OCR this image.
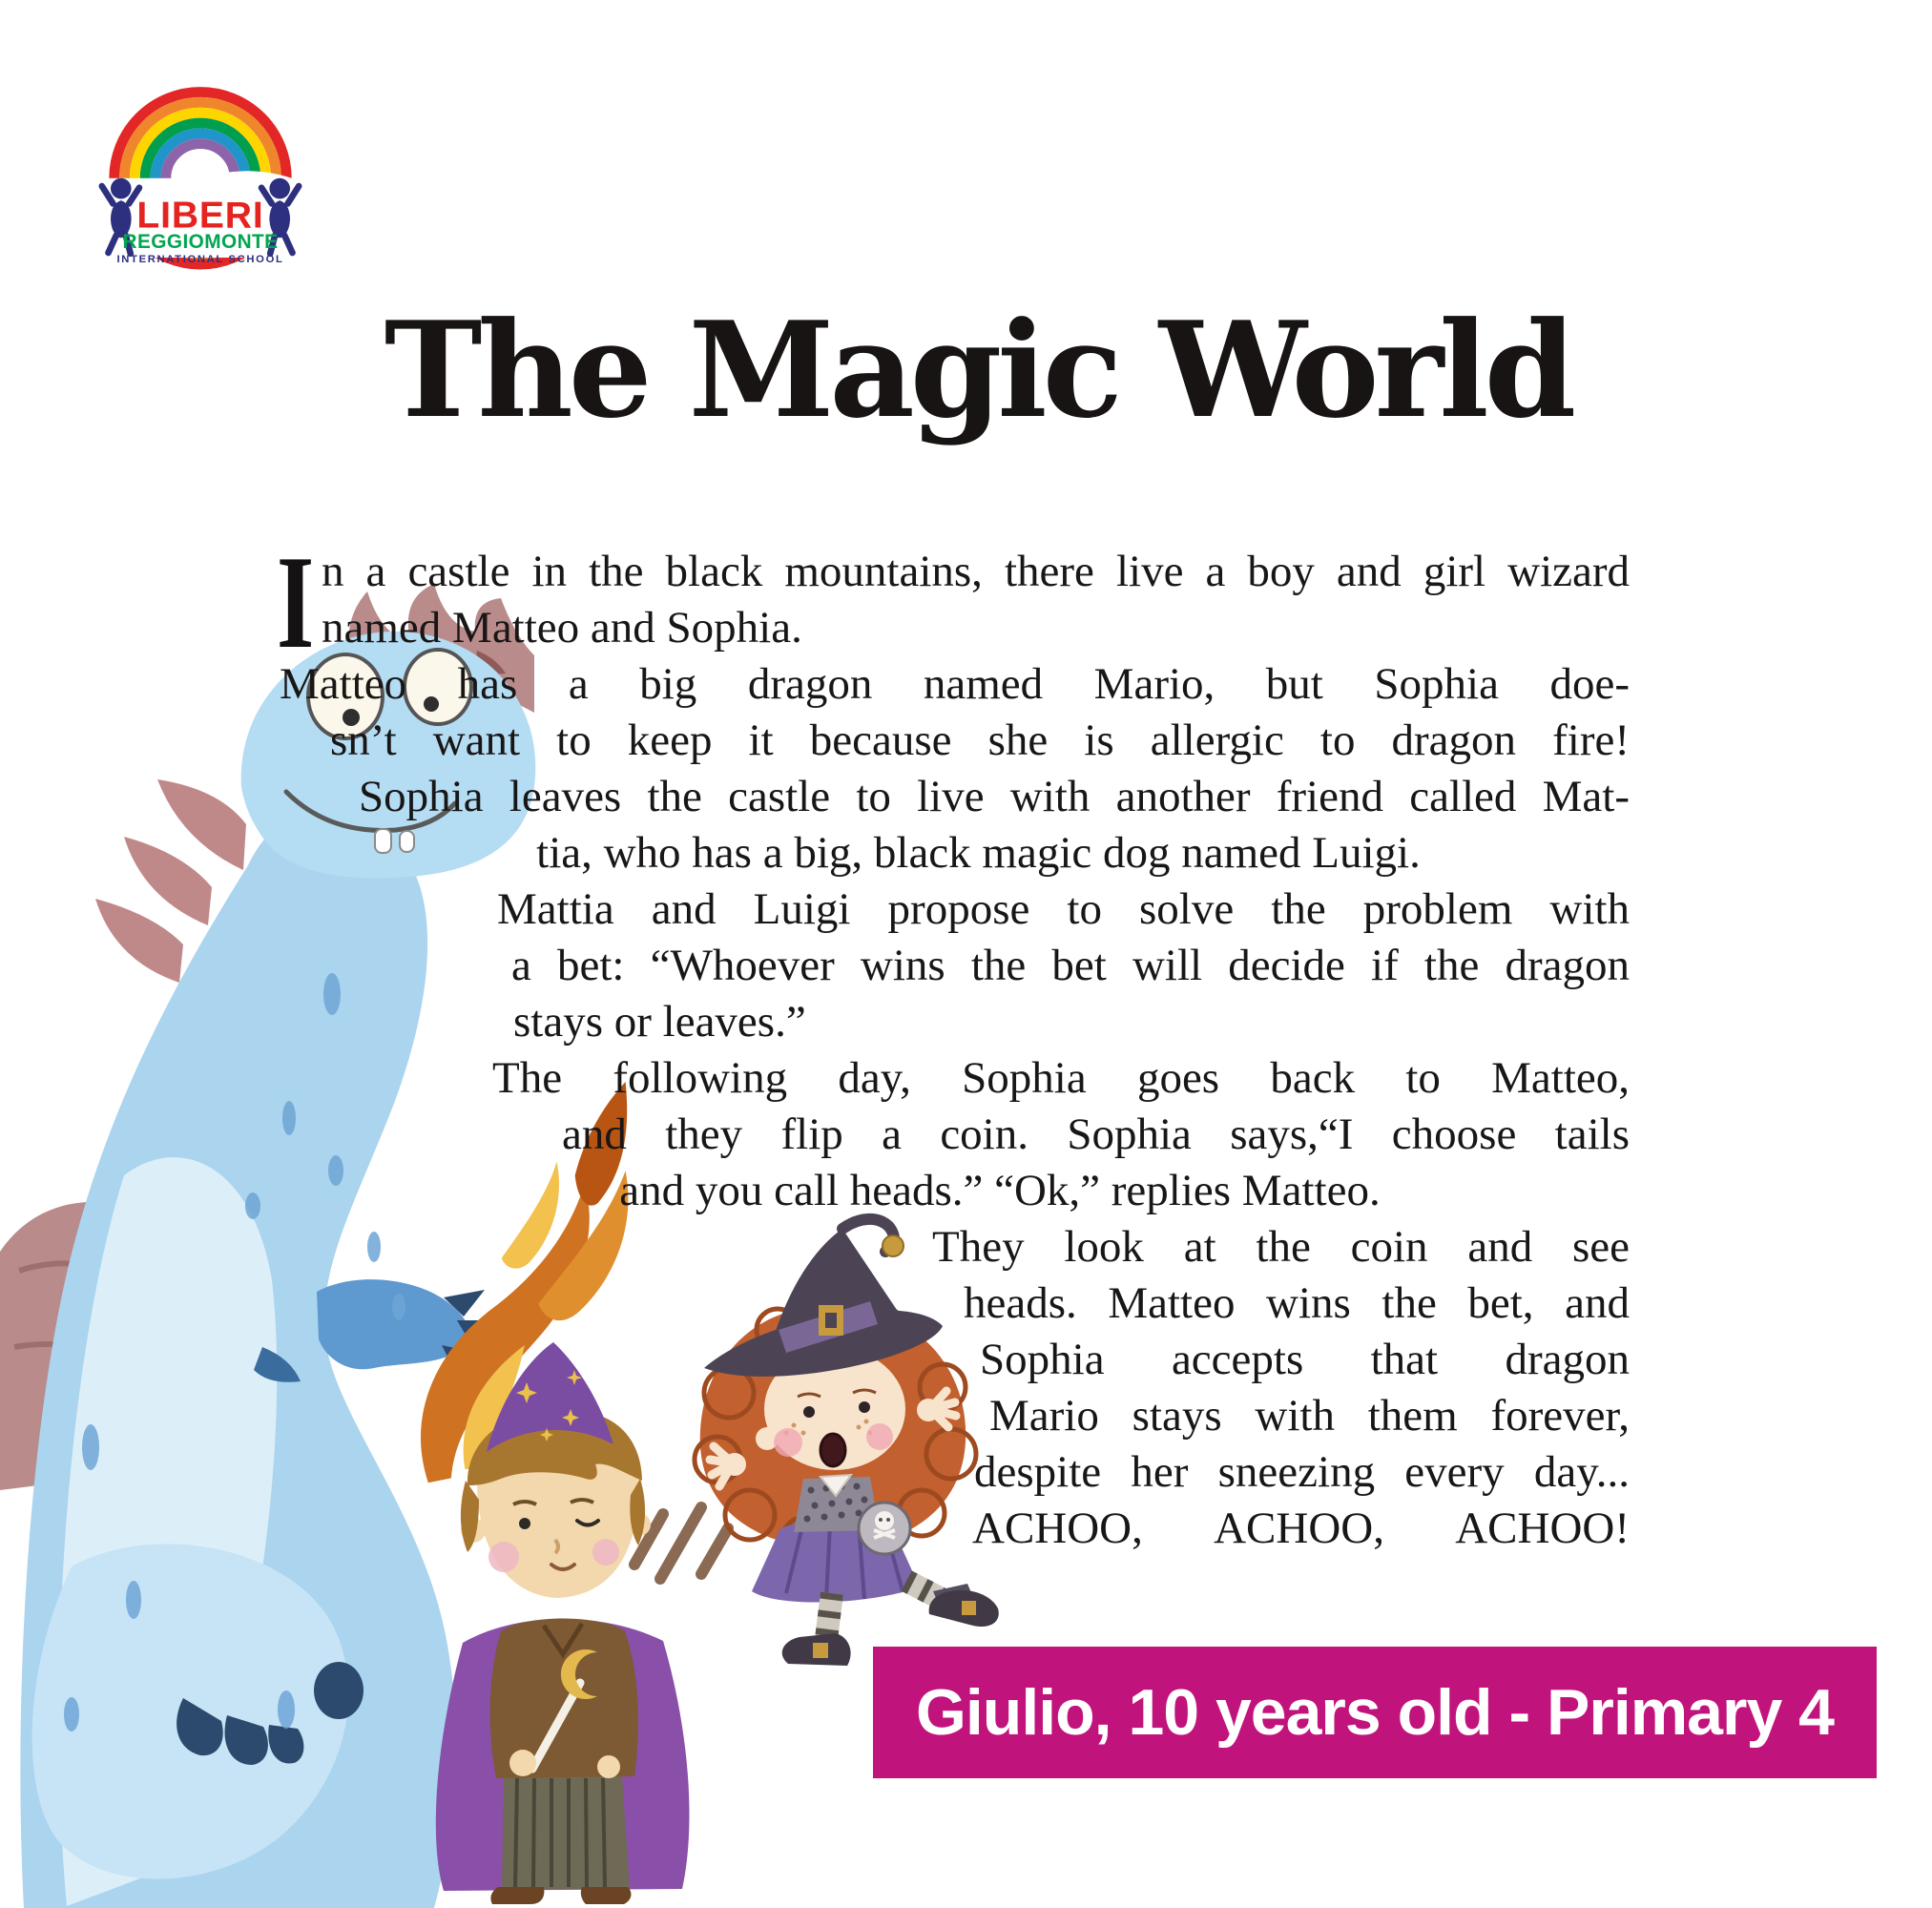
LIBERI
REGGIOMONTE
INTERNATIONAL SCHOOL
The Magic World
I n a castle in the black mountains, there live a boy and girl wizard
named Matteo and Sophia.
Matteo has a big dragon named Mario, but Sophia doe-
sn’t want to keep it because she is allergic to dragon fire!
Sophia leaves the castle to live with another friend called Mat-
tia, who has a big, black magic dog named Luigi.
Mattia and Luigi propose to solve the problem with
a bet: “Whoever wins the bet will decide if the dragon
stays or leaves.”
The following day, Sophia goes back to Matteo,
and they flip a coin. Sophia says,“I choose tails
and you call heads.” “Ok,” replies Matteo.
They look at the coin and see
heads. Matteo wins the bet, and
Sophia accepts that dragon
Mario stays with them forever,
despite her sneezing every day...
ACHOO, ACHOO, ACHOO!
Giulio, 10 years old - Primary 4
